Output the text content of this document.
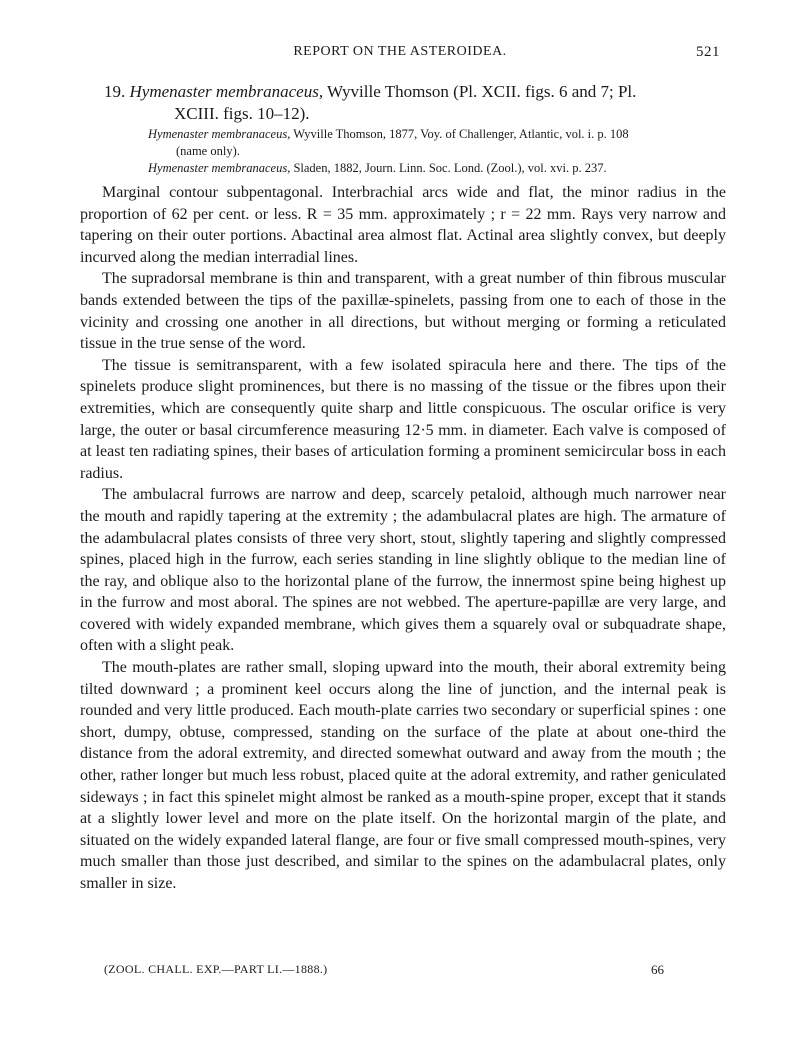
REPORT ON THE ASTEROIDEA.	521
19. Hymenaster membranaceus, Wyville Thomson (Pl. XCII. figs. 6 and 7; Pl.
XCIII. figs. 10–12).
Hymenaster membranaceus, Wyville Thomson, 1877, Voy. of Challenger, Atlantic, vol. i. p. 108
(name only).
Hymenaster membranaceus, Sladen, 1882, Journ. Linn. Soc. Lond. (Zool.), vol. xvi. p. 237.

Marginal contour subpentagonal. Interbrachial arcs wide and flat, the minor radius in the proportion of 62 per cent. or less. R = 35 mm. approximately ; r = 22 mm. Rays very narrow and tapering on their outer portions. Abactinal area almost flat. Actinal area slightly convex, but deeply incurved along the median interradial lines.

The supradorsal membrane is thin and transparent, with a great number of thin fibrous muscular bands extended between the tips of the paxillæ-spinelets, passing from one to each of those in the vicinity and crossing one another in all directions, but without merging or forming a reticulated tissue in the true sense of the word.

The tissue is semitransparent, with a few isolated spiracula here and there. The tips of the spinelets produce slight prominences, but there is no massing of the tissue or the fibres upon their extremities, which are consequently quite sharp and little conspicuous. The oscular orifice is very large, the outer or basal circumference measuring 12·5 mm. in diameter. Each valve is composed of at least ten radiating spines, their bases of articulation forming a prominent semicircular boss in each radius.

The ambulacral furrows are narrow and deep, scarcely petaloid, although much narrower near the mouth and rapidly tapering at the extremity ; the adambulacral plates are high. The armature of the adambulacral plates consists of three very short, stout, slightly tapering and slightly compressed spines, placed high in the furrow, each series standing in line slightly oblique to the median line of the ray, and oblique also to the horizontal plane of the furrow, the innermost spine being highest up in the furrow and most aboral. The spines are not webbed. The aperture-papillæ are very large, and covered with widely expanded membrane, which gives them a squarely oval or subquadrate shape, often with a slight peak.

The mouth-plates are rather small, sloping upward into the mouth, their aboral extremity being tilted downward ; a prominent keel occurs along the line of junction, and the internal peak is rounded and very little produced. Each mouth-plate carries two secondary or superficial spines : one short, dumpy, obtuse, compressed, standing on the surface of the plate at about one-third the distance from the adoral extremity, and directed somewhat outward and away from the mouth ; the other, rather longer but much less robust, placed quite at the adoral extremity, and rather geniculated sideways ; in fact this spinelet might almost be ranked as a mouth-spine proper, except that it stands at a slightly lower level and more on the plate itself. On the horizontal margin of the plate, and situated on the widely expanded lateral flange, are four or five small compressed mouth-spines, very much smaller than those just described, and similar to the spines on the adambulacral plates, only smaller in size.

(ZOOL. CHALL. EXP.—PART LI.—1888.)	66
